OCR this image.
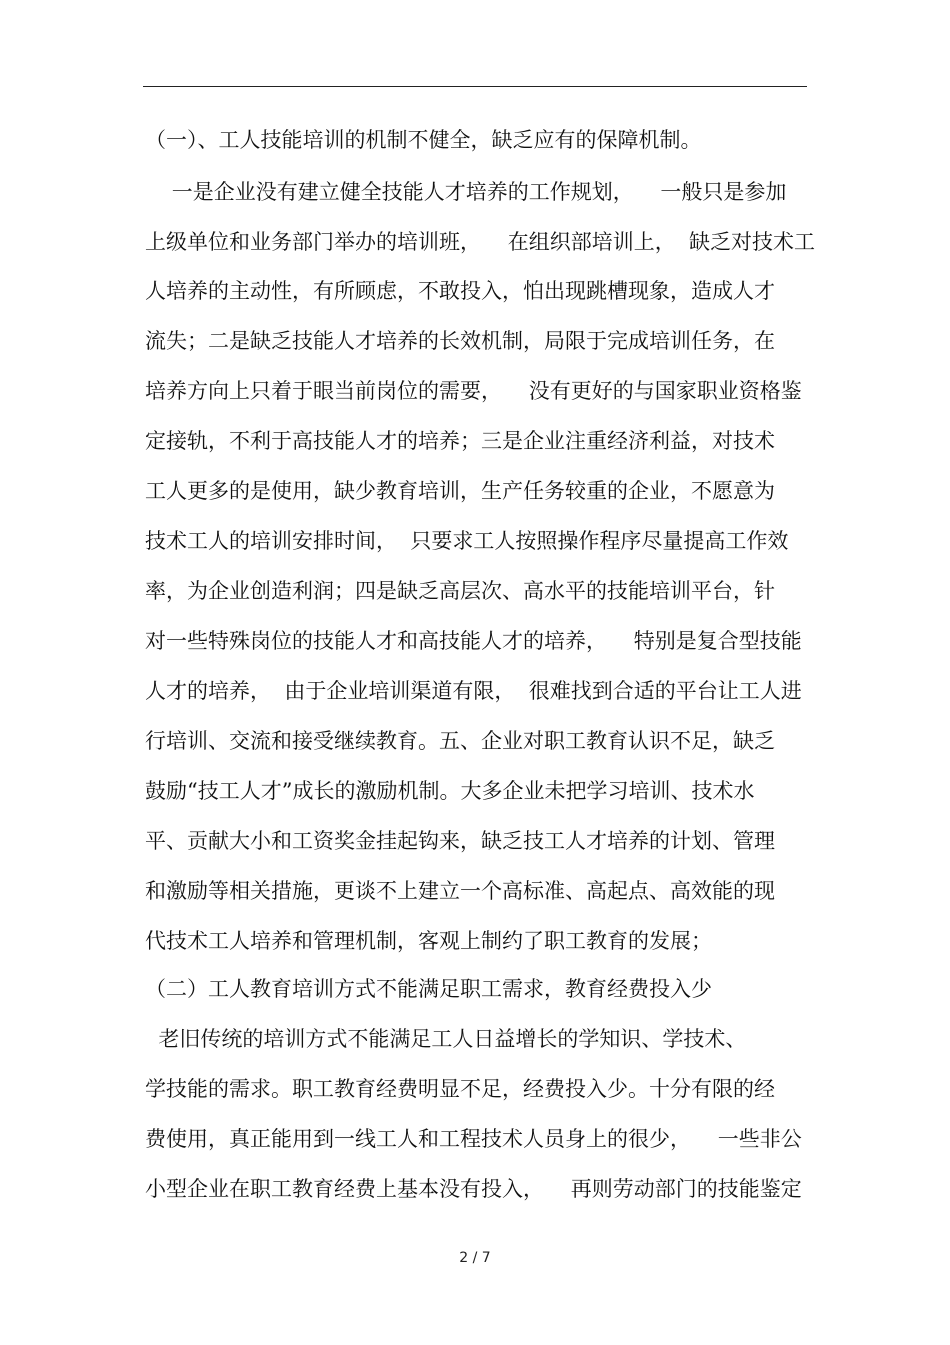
（一）、工人技能培训的机制不健全，缺乏应有的保障机制。
一是企业没有建立健全技能人才培养的工作规划，    一般只是参加
上级单位和业务部门举办的培训班，    在组织部培训上，  缺乏对技术工
人培养的主动性，有所顾虑，不敢投入，怕出现跳槽现象，造成人才
流失；二是缺乏技能人才培养的长效机制，局限于完成培训任务，在
培养方向上只着于眼当前岗位的需要，    没有更好的与国家职业资格鉴
定接轨，不利于高技能人才的培养；三是企业注重经济利益，对技术
工人更多的是使用，缺少教育培训，生产任务较重的企业，不愿意为
技术工人的培训安排时间，  只要求工人按照操作程序尽量提高工作效
率，为企业创造利润；四是缺乏高层次、高水平的技能培训平台，针
对一些特殊岗位的技能人才和高技能人才的培养，    特别是复合型技能
人才的培养，  由于企业培训渠道有限，  很难找到合适的平台让工人进
行培训、交流和接受继续教育。五、企业对职工教育认识不足，缺乏
鼓励“技工人才”成长的激励机制。大多企业未把学习培训、技术水
平、贡献大小和工资奖金挂起钩来，缺乏技工人才培养的计划、管理
和激励等相关措施，更谈不上建立一个高标准、高起点、高效能的现
代技术工人培养和管理机制，客观上制约了职工教育的发展；
（二）工人教育培训方式不能满足职工需求，教育经费投入少
老旧传统的培训方式不能满足工人日益增长的学知识、学技术、
学技能的需求。职工教育经费明显不足，经费投入少。十分有限的经
费使用，真正能用到一线工人和工程技术人员身上的很少，    一些非公
小型企业在职工教育经费上基本没有投入，    再则劳动部门的技能鉴定
2 / 7
